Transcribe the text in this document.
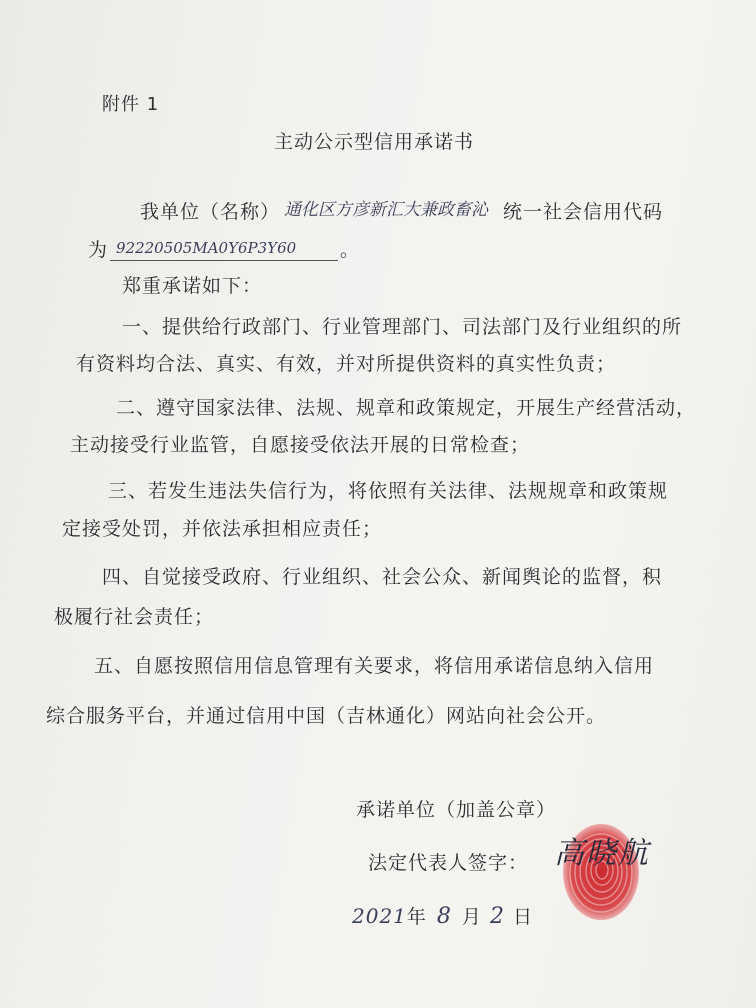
附件 1
主动公示型信用承诺书
我单位（名称） 通化区方彦新汇大兼政畜沁 统一社会信用代码
为 92220505MA0Y6P3Y60 。
郑重承诺如下：
一、提供给行政部门、行业管理部门、司法部门及行业组织的所
有资料均合法、真实、有效，并对所提供资料的真实性负责；
二、遵守国家法律、法规、规章和政策规定，开展生产经营活动，
主动接受行业监管，自愿接受依法开展的日常检查；
三、若发生违法失信行为，将依照有关法律、法规规章和政策规
定接受处罚，并依法承担相应责任；
四、自觉接受政府、行业组织、社会公众、新闻舆论的监督，积
极履行社会责任；
五、自愿按照信用信息管理有关要求，将信用承诺信息纳入信用
综合服务平台，并通过信用中国（吉林通化）网站向社会公开。
承诺单位（加盖公章）
法定代表人签字： 高晓航
2021年 8 月 2 日
